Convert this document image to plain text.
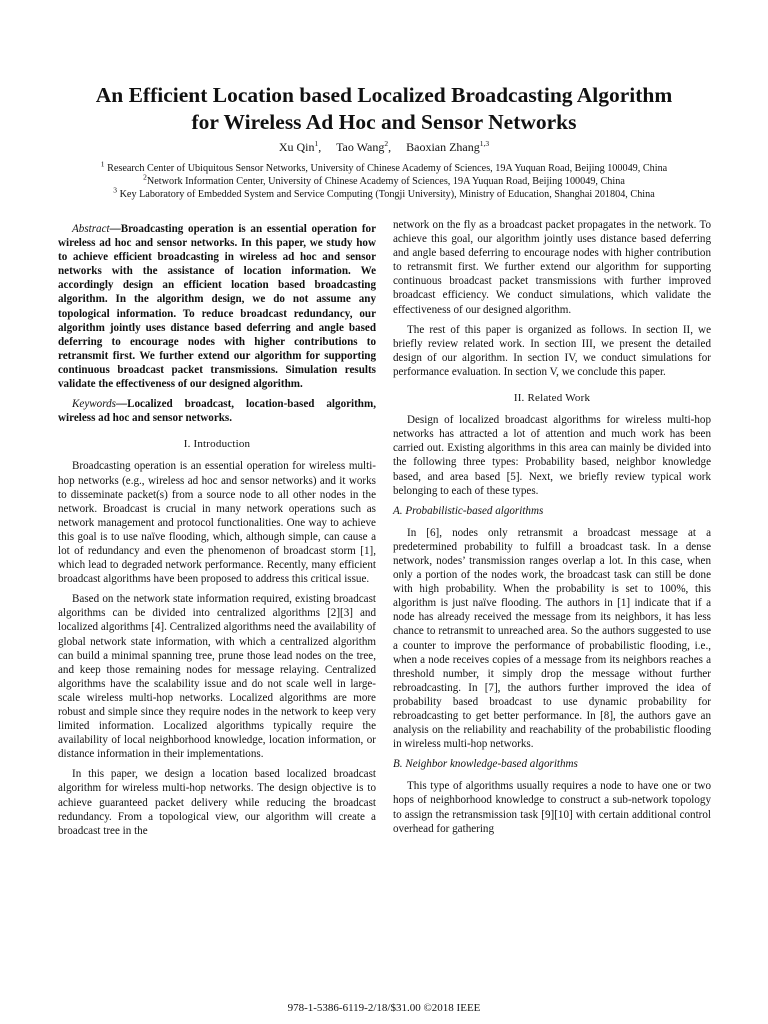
An Efficient Location based Localized Broadcasting Algorithm
for Wireless Ad Hoc and Sensor Networks
Xu Qin$^1$,     Tao Wang$^2$,     Baoxian Zhang$^{1,3}$
$^1$ Research Center of Ubiquitous Sensor Networks, University of Chinese Academy of Sciences, 19A Yuquan Road, Beijing 100049, China
$^2$Network Information Center, University of Chinese Academy of Sciences, 19A Yuquan Road, Beijing 100049, China
$^3$ Key Laboratory of Embedded System and Service Computing (Tongji University), Ministry of Education, Shanghai 201804, China

Abstract—Broadcasting operation is an essential operation for wireless ad hoc and sensor networks. In this paper, we study how to achieve efficient broadcasting in wireless ad hoc and sensor networks with the assistance of location information. We accordingly design an efficient location based broadcasting algorithm. In the algorithm design, we do not assume any topological information. To reduce broadcast redundancy, our algorithm jointly uses distance based deferring and angle based deferring to encourage nodes with higher contributions to retransmit first. We further extend our algorithm for supporting continuous broadcast packet transmissions. Simulation results validate the effectiveness of our designed algorithm.

Keywords—Localized broadcast, location-based algorithm, wireless ad hoc and sensor networks.

I. Introduction

Broadcasting operation is an essential operation for wireless multi-hop networks (e.g., wireless ad hoc and sensor networks) and it works to disseminate packet(s) from a source node to all other nodes in the network. Broadcast is crucial in many network operations such as network management and protocol functionalities. One way to achieve this goal is to use naïve flooding, which, although simple, can cause a lot of redundancy and even the phenomenon of broadcast storm [1], which lead to degraded network performance. Recently, many efficient broadcast algorithms have been proposed to address this critical issue.

Based on the network state information required, existing broadcast algorithms can be divided into centralized algorithms [2][3] and localized algorithms [4]. Centralized algorithms need the availability of global network state information, with which a centralized algorithm can build a minimal spanning tree, prune those lead nodes on the tree, and keep those remaining nodes for message relaying. Centralized algorithms have the scalability issue and do not scale well in large-scale wireless multi-hop networks. Localized algorithms are more robust and simple since they require nodes in the network to keep very limited information. Localized algorithms typically require the availability of local neighborhood knowledge, location information, or distance information in their implementations.

In this paper, we design a location based localized broadcast algorithm for wireless multi-hop networks. The design objective is to achieve guaranteed packet delivery while reducing the broadcast redundancy. From a topological view, our algorithm will create a broadcast tree in the

network on the fly as a broadcast packet propagates in the network. To achieve this goal, our algorithm jointly uses distance based deferring and angle based deferring to encourage nodes with higher contribution to retransmit first. We further extend our algorithm for supporting continuous broadcast packet transmissions with further improved broadcast efficiency. We conduct simulations, which validate the effectiveness of our designed algorithm.

The rest of this paper is organized as follows. In section II, we briefly review related work. In section III, we present the detailed design of our algorithm. In section IV, we conduct simulations for performance evaluation. In section V, we conclude this paper.

II. Related Work

Design of localized broadcast algorithms for wireless multi-hop networks has attracted a lot of attention and much work has been carried out. Existing algorithms in this area can mainly be divided into the following three types: Probability based, neighbor knowledge based, and area based [5]. Next, we briefly review typical work belonging to each of these types.

A. Probabilistic-based algorithms

In [6], nodes only retransmit a broadcast message at a predetermined probability to fulfill a broadcast task. In a dense network, nodes’ transmission ranges overlap a lot. In this case, when only a portion of the nodes work, the broadcast task can still be done with high probability. When the probability is set to 100%, this algorithm is just naïve flooding. The authors in [1] indicate that if a node has already received the message from its neighbors, it has less chance to retransmit to unreached area. So the authors suggested to use a counter to improve the performance of probabilistic flooding, i.e., when a node receives copies of a message from its neighbors reaches a threshold number, it simply drop the message without further rebroadcasting. In [7], the authors further improved the idea of probability based broadcast to use dynamic probability for rebroadcasting to get better performance. In [8], the authors gave an analysis on the reliability and reachability of the probabilistic flooding in wireless multi-hop networks.

B. Neighbor knowledge-based algorithms

This type of algorithms usually requires a node to have one or two hops of neighborhood knowledge to construct a sub-network topology to assign the retransmission task [9][10] with certain additional control overhead for gathering

978-1-5386-6119-2/18/$31.00 ©2018 IEEE
